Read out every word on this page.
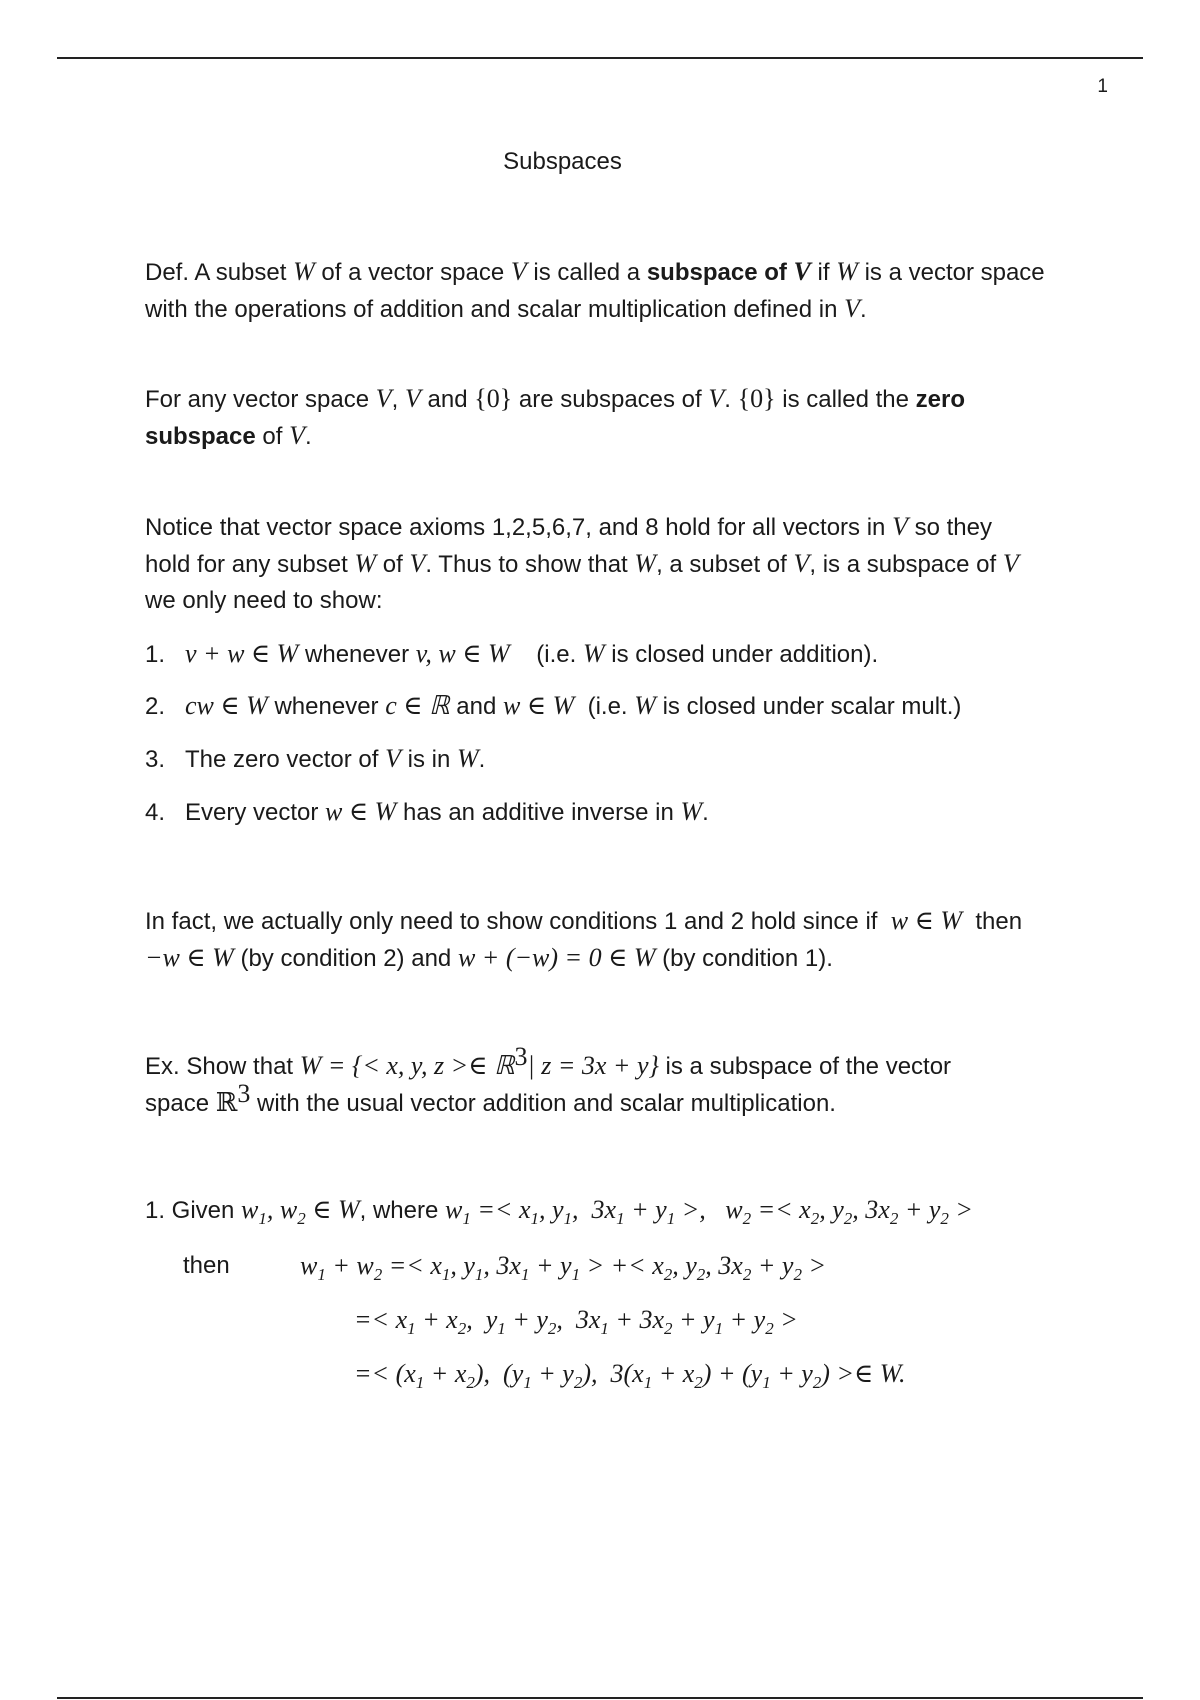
1
Subspaces
Def. A subset W of a vector space V is called a subspace of V if W is a vector space
with the operations of addition and scalar multiplication defined in V.
For any vector space V, V and {0} are subspaces of V. {0} is called the zero
subspace of V.
Notice that vector space axioms 1,2,5,6,7, and 8 hold for all vectors in V so they
hold for any subset W of V. Thus to show that W, a subset of V, is a subspace of V
we only need to show:
1. v + w ∈ W whenever v, w ∈ W    (i.e. W is closed under addition).
2. cw ∈ W whenever c ∈ ℝ and w ∈ W  (i.e. W is closed under scalar mult.)
3. The zero vector of V is in W.
4. Every vector w ∈ W has an additive inverse in W.
In fact, we actually only need to show conditions 1 and 2 hold since if  w ∈ W  then
−w ∈ W (by condition 2) and w + (−w) = 0 ∈ W (by condition 1).
Ex. Show that W = {< x, y, z >∈ ℝ$^3$| z = 3x + y} is a subspace of the vector
space ℝ$^3$ with the usual vector addition and scalar multiplication.
1. Given $w_1$, $w_2$ ∈ W, where $w_1 =< x_1$, $y_1$,  $3x_1 + y_1$ >,   $w_2 =< x_2$, $y_2$, $3x_2 + y_2$ >
then	$w_1 + w_2 =< x_1$, $y_1$, $3x_1 + y_1$ > +< $x_2$, $y_2$, $3x_2 + y_2$ >
=< $x_1 + x_2$,  $y_1 + y_2$,  $3x_1 + 3x_2 + y_1 + y_2$ >
=< $(x_1 + x_2)$,  $(y_1 + y_2)$,  $3(x_1 + x_2) + (y_1 + y_2)$ >∈ W.
